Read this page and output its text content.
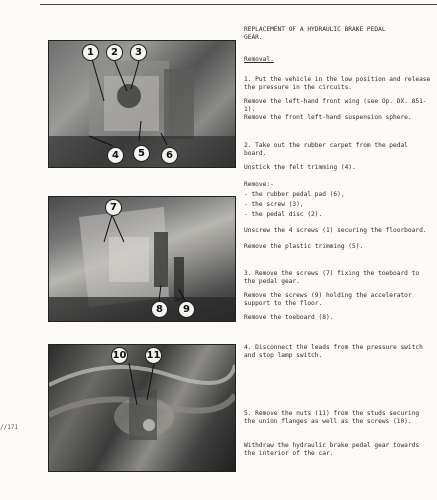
1	2	3
4	5	6
7
8	9
10 11
//171
REPLACEMENT OF A HYDRAULIC BRAKE PEDAL
GEAR.
Removal.
1. Put the vehicle in the low position and release
the pressure in the circuits.
Remove the left-hand front wing (see Op. DX. 851-1).
Remove the front left-hand suspension sphere.
2. Take out the rubber carpet from the pedal
board.
Unstick the felt trimming (4).
Remove:-
- the rubber pedal pad (6),
- the screw (3),
- the pedal disc (2).
Unscrew the 4 screws (1) securing the floorboard.
Remove the plastic trimming (5).
3. Remove the screws (7) fixing the toeboard to
the pedal gear.
Remove the screws (9) holding the accelerator
support to the floor.
Remove the toeboard (8).
4. Disconnect the leads from the pressure switch
and stop lamp switch.
5. Remove the nuts (11) from the studs securing
the union flanges as well as the screws (10).
Withdraw the hydraulic brake pedal gear towards
the interior of the car.
